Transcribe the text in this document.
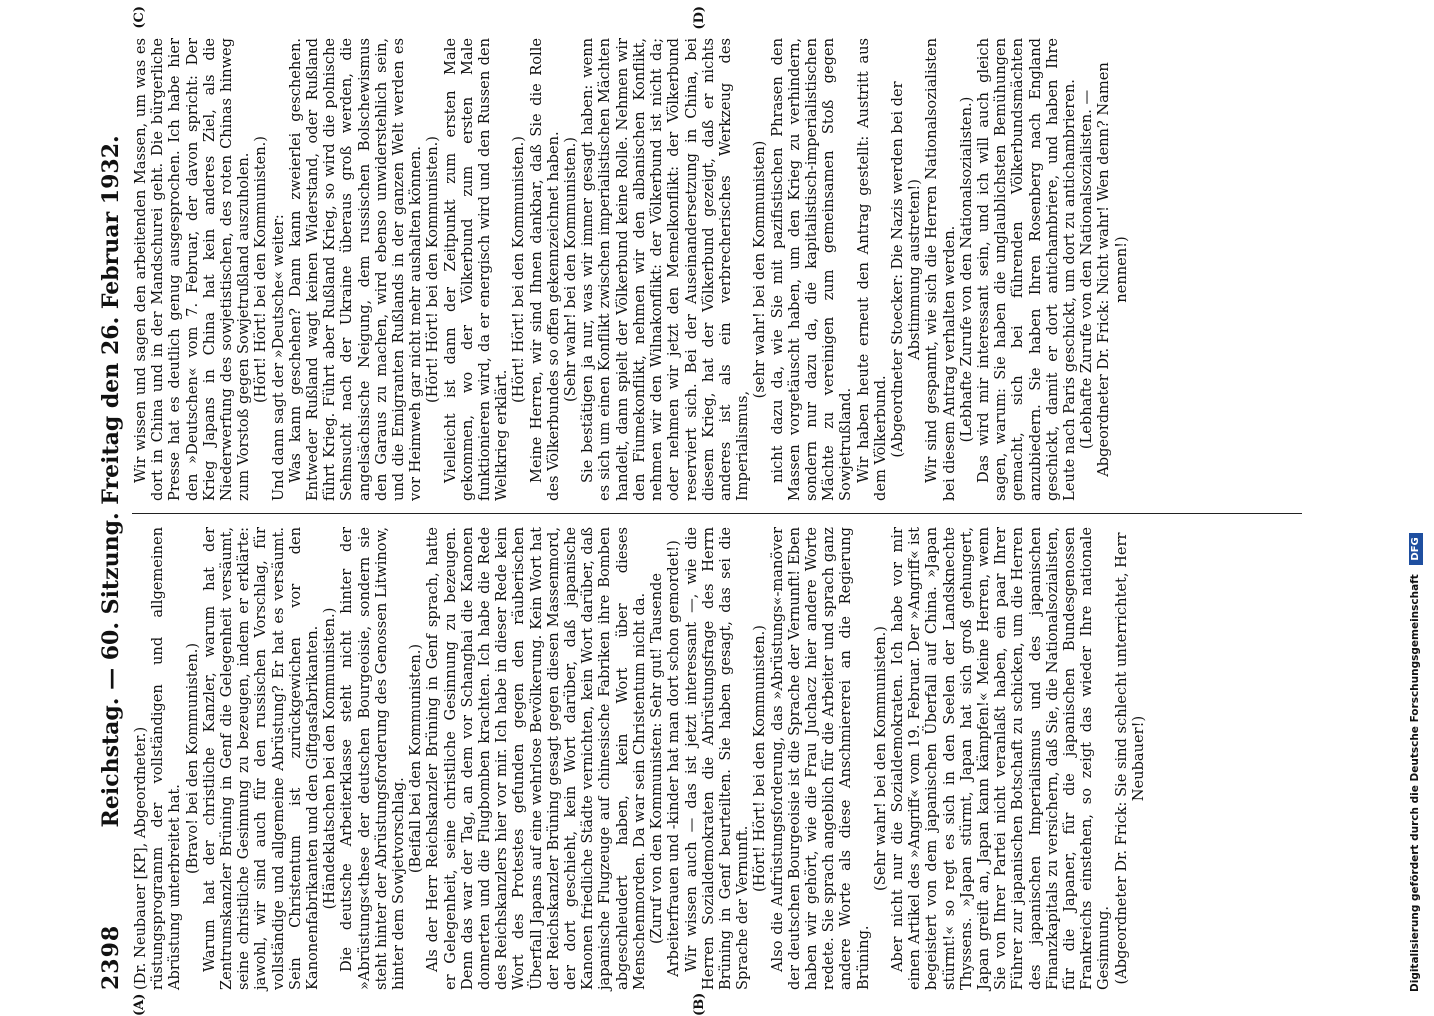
2398
Reichstag. — 60. Sitzung. Freitag den 26. Februar 1932.

(Dr. Neubauer [KP], Abgeordneter.) rüstungsprogramm der vollständigen und allgemeinen Abrüstung unterbreitet hat.

(Bravo! bei den Kommunisten.) Warum hat der christliche Kanzler, warum hat der Zentrumskanzler Brüning in Genf die Gelegenheit versäumt, seine christliche Gesinnung zu bezeugen, indem er erklärte: jawohl, wir sind auch für den russischen Vorschlag, für vollständige und allgemeine Abrüstung? Er hat es versäumt. Sein Christentum ist zurückgewichen vor den Kanonenfabrikanten und den Giftgasfabrikanten. (Händeklatschen bei den Kommunisten.) Die deutsche Arbeiterklasse steht nicht hinter der »Abrüstungs«these der deutschen Bourgeoisie, sondern sie steht hinter der Abrüstungsforderung des Genossen Litwinow, hinter dem Sowjetvorschlag.

(Beifall bei den Kommunisten.) Als der Herr Reichskanzler Brüning in Genf sprach, hatte er Gelegenheit, seine christliche Gesinnung zu bezeugen. Denn das war der Tag, an dem vor Schanghai die Kanonen donnerten und die Flugbomben krachten. Ich habe die Rede des Reichskanzlers hier vor mir. Ich habe in dieser Rede kein Wort des Protestes gefunden gegen den räuberischen Überfall Japans auf eine wehrlose Bevölkerung. Kein Wort hat der Reichskanzler Brüning gesagt gegen diesen Massenmord, der dort geschieht, kein Wort darüber, daß japanische Kanonen friedliche Städte vernichten, kein Wort darüber, daß japanische Flugzeuge auf chinesische Fabriken ihre Bomben abgeschleudert haben, kein Wort über dieses Menschenmorden. Da war sein Christentum nicht da. (Zuruf von den Kommunisten: Sehr gut! Tausende Arbeiterfrauen und -kinder hat man dort schon gemordet!) Wir wissen auch — das ist jetzt interessant —, wie die Herren Sozialdemokraten die Abrüstungsfrage des Herrn Brüning in Genf beurteilten. Sie haben gesagt, das sei die Sprache der Vernunft.

(Hört! Hört! bei den Kommunisten.) Also die Aufrüstungsforderung, das »Abrüstungs«-manöver der deutschen Bourgeoisie ist die Sprache der Vernunft! Eben haben wir gehört, wie die Frau Juchacz hier andere Worte redete. Sie sprach angeblich für die Arbeiter und sprach ganz andere Worte als diese Anschmiererei an die Regierung Brüning.

(Sehr wahr! bei den Kommunisten.) Aber nicht nur die Sozialdemokraten. Ich habe vor mir einen Artikel des »Angriff« vom 19. Februar. Der »Angriff« ist begeistert von dem japanischen Überfall auf China. »Japan stürmt!« so regt es sich in den Seelen der Landsknechte Thyssens. »Japan stürmt, Japan hat sich groß gehungert, Japan greift an, Japan kann kämpfen!« Meine Herren, wenn Sie von Ihrer Partei nicht veranlaßt haben, ein paar Ihrer Führer zur japanischen Botschaft zu schicken, um die Herren des japanischen Imperialismus und des japanischen Finanzkapitals zu versichern, daß Sie, die Nationalsozialisten, für die Japaner, für die japanischen Bundesgenossen Frankreichs einstehen, so zeigt das wieder Ihre nationale Gesinnung. (Abgeordneter Dr. Frick: Sie sind schlecht unterrichtet, Herr Neubauer!)

Wir wissen und sagen den arbeitenden Massen, um was es dort in China und in der Mandschurei geht. Die bürgerliche Presse hat es deutlich genug ausgesprochen. Ich habe hier den »Deutschen« vom 7. Februar, der davon spricht: Der Krieg Japans in China hat kein anderes Ziel, als die Niederwerfung des sowjetistischen, des roten Chinas hinweg zum Vorstoß gegen Sowjetrußland auszuholen. (Hört! Hört! bei den Kommunisten.) Und dann sagt der »Deutsche« weiter: Was kann geschehen? Dann kann zweierlei geschehen. Entweder Rußland wagt keinen Widerstand, oder Rußland führt Krieg. Führt aber Rußland Krieg, so wird die polnische Sehnsucht nach der Ukraine überaus groß werden, die angelsächsische Neigung, dem russischen Bolschewismus den Garaus zu machen, wird ebenso unwiderstehlich sein, und die Emigranten Rußlands in der ganzen Welt werden es vor Heimweh gar nicht mehr aushalten können. (Hört! Hört! bei den Kommunisten.) Vielleicht ist dann der Zeitpunkt zum ersten Male gekommen, wo der Völkerbund zum ersten Male funktionieren wird, da er energisch wird und den Russen den Weltkrieg erklärt.

(Hört! Hört! bei den Kommunisten.) Meine Herren, wir sind Ihnen dankbar, daß Sie die Rolle des Völkerbundes so offen gekennzeichnet haben. (Sehr wahr! bei den Kommunisten.) Sie bestätigen ja nur, was wir immer gesagt haben: wenn es sich um einen Konflikt zwischen imperialistischen Mächten handelt, dann spielt der Völkerbund keine Rolle. Nehmen wir den Fiumekonflikt, nehmen wir den albanischen Konflikt, nehmen wir den Wilnakonflikt: der Völkerbund ist nicht da; oder nehmen wir jetzt den Memelkonflikt: der Völkerbund reserviert sich. Bei der Auseinandersetzung in China, bei diesem Krieg, hat der Völkerbund gezeigt, daß er nichts anderes ist als ein verbrecherisches Werkzeug des Imperialismus,

(sehr wahr! bei den Kommunisten) nicht dazu da, wie Sie mit pazifistischen Phrasen den Massen vorgetäuscht haben, um den Krieg zu verhindern, sondern nur dazu da, die kapitalistisch-imperialistischen Mächte zu vereinigen zum gemeinsamen Stoß gegen Sowjetrußland. Wir haben heute erneut den Antrag gestellt: Austritt aus dem Völkerbund. (Abgeordneter Stoecker: Die Nazis werden bei der Abstimmung austreten!) Wir sind gespannt, wie sich die Herren Nationalsozialisten bei diesem Antrag verhalten werden. (Lebhafte Zurufe von den Nationalsozialisten.) Das wird mir interessant sein, und ich will auch gleich sagen, warum: Sie haben die unglaublichsten Bemühungen gemacht, sich bei führenden Völkerbundsmächten anzubiedern. Sie haben Ihren Rosenberg nach England geschickt, damit er dort antichambriere, und haben Ihre Leute nach Paris geschickt, um dort zu antichambrieren. (Lebhafte Zurufe von den Nationalsozialisten. — Abgeordneter Dr. Frick: Nicht wahr! Wen denn? Namen nennen!)

(A)	(B)
(C)	(D)
Digitalisierung gefördert durch die Deutsche Forschungsgemeinschaft DFG
